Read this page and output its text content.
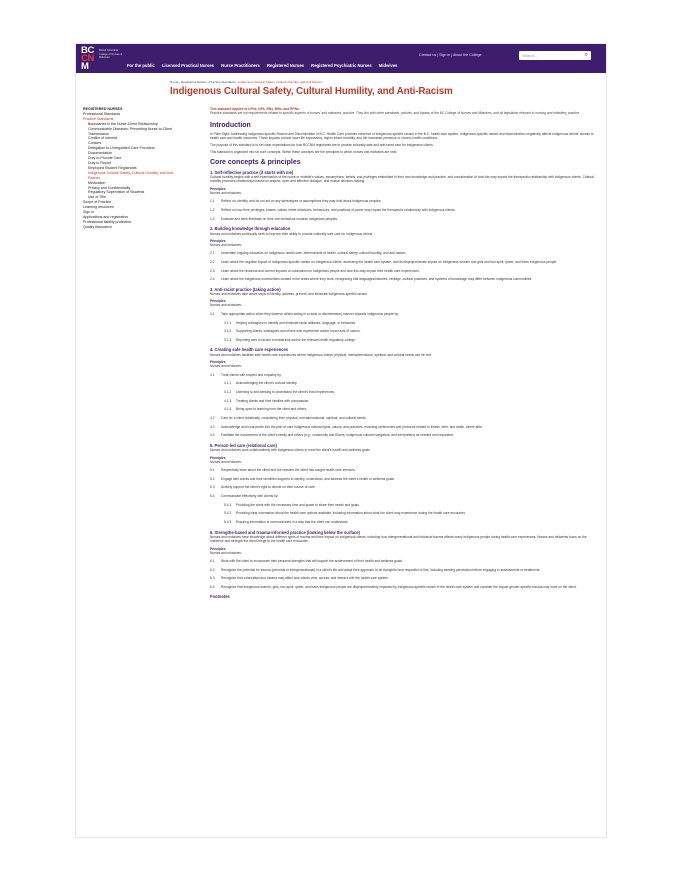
BC
CN
M
British Columbia College of Nurses & Midwives
For the public Licensed Practical Nurses Nurse Practitioners Registered Nurses Registered Psychiatric Nurses Midwives
Contact us | Sign in | About the College	Search...	⌕
Home › Registered Nurses › Practice Standards › Indigenous Cultural Safety, Cultural Humility, and Anti-Racism
Indigenous Cultural Safety, Cultural Humility, and Anti-Racism
REGISTERED NURSES
Professional Standards
Practice Standards
Boundaries in the Nurse-Client Relationship
Communicable Diseases: Preventing Nurse-to-Client
Transmission
Conflict of Interest
Consent
Delegation to Unregulated Care Providers
Documentation
Duty to Provide Care
Duty to Report
Employed Student Registrants
Indigenous Cultural Safety, Cultural Humility, and Anti-
Racism
Medication
Privacy and Confidentiality
Regulatory Supervision of Students
Use of Title
Scope of Practice
Learning resources
Sign in
Applications and registration
Professional liability protection
Quality Assurance
This standard applies to LPNs, NPs, RNs, RMs, and RPNs.
Practice standards set out requirements related to specific aspects of nurses' and midwives' practice. They link with other standards, policies, and bylaws of the BC College of Nurses and Midwives, and all legislation relevant to nursing and midwifery practice.
Introduction

In Plain Sight: Addressing Indigenous-specific Racism and Discrimination in B.C. Health Care provides evidence of Indigenous-specific racism in the B.C. health care system. Indigenous-specific racism and discrimination negatively affects Indigenous clients' access to health care and health outcomes. These impacts include lower life expectancy, higher infant mortality, and the increased presence of chronic health conditions.

The purpose of this standard is to set clear expectations for how BCCNM registrants are to provide culturally safe and anti-racist care for Indigenous clients.

This standard is organized into six core concepts. Within these concepts are the principles to which nurses and midwives are held.

Core concepts & principles
1. Self-reflective practice (it starts with me)

Cultural humility begins with a self-examination of the nurse or midwife's values, assumptions, beliefs, and privileges embedded in their own knowledge and practice, and consideration of how this may impact the therapeutic relationship with Indigenous clients. Cultural humility promotes relationships based on respect, open and effective dialogue, and mutual decision-making.

Principles
Nurses and midwives:
1.1	Reflect on, identify, and do not act on any stereotypes or assumptions they may hold about Indigenous peoples.
1.2	Reflect on how their privileges, biases, values, belief structures, behaviours, and positions of power may impact the therapeutic relationship with Indigenous clients.
1.3	Evaluate and seek feedback on their own behaviour towards Indigenous peoples.
2. Building knowledge through education

Nurses and midwives continually seek to improve their ability to provide culturally safe care for Indigenous clients.

Principles
Nurses and midwives:
2.1	Undertake ongoing education on Indigenous health care, determinants of health, cultural safety, cultural humility, and anti-racism.
2.2	Learn about the negative impact of Indigenous-specific racism on Indigenous clients' accessing the health care system, and its disproportionate impact on Indigenous women and girls and two-spirit, queer, and trans Indigenous people.
2.3	Learn about the historical and current impacts of colonialism on Indigenous people and how this may impact their health care experiences.
2.4	Learn about the Indigenous communities located in the areas where they work, recognizing that languages/histories, heritage, cultural practices, and systems of knowledge may differ between Indigenous communities.
3. Anti-racist practice (taking action)

Nurses and midwives take active steps to identify, address, prevent, and eliminate Indigenous-specific racism.

Principles
Nurses and midwives:
3.1	Take appropriate action when they observe others acting in a racist or discriminatory manner towards Indigenous people by:
3.1.1	Helping colleagues to identify and eliminate racist attitudes, language, or behaviour.
3.1.2	Supporting clients, colleagues and others who experience and/or report acts of racism.
3.1.3	Reporting acts of racism to leadership and/or the relevant health regulatory college.
4. Creating safe health care experiences

Nurses and midwives facilitate safe health care experiences where Indigenous clients' physical, mental/emotional, spiritual, and cultural needs can be met.

Principles
Nurses and midwives:
4.1	Treat clients with respect and empathy by:
4.1.1	Acknowledging the client's cultural identity.
4.1.2	Listening to and seeking to understand the client's lived experiences.
4.1.3	Treating clients and their families with compassion.
4.1.4	Being open to learning from the client and others.
4.2	Care for a client holistically, considering their physical, mental/emotional, spiritual, and cultural needs.
4.3	Acknowledge and incorporate into the plan of care Indigenous cultural rights, values, and practices, including ceremonies and protocols related to illness, birth, and death, where able.
4.4	Facilitate the involvement of the client's family and others (e.g., community and Elders, Indigenous cultural navigators, and interpreters) as needed and requested.
5. Person-led care (relational care)

Nurses and midwives work collaboratively with Indigenous clients to meet the client's health and wellness goals.

Principles
Nurses and midwives:
5.1	Respectfully learn about the client and the reasons the client has sought health care services.
5.2	Engage with clients and their identified supports to identify, understand, and address the client's health or wellness goals.
5.3	Actively support the client's right to decide on their course of care.
5.4	Communicate effectively with clients by:
5.4.1	Providing the client with the necessary time and space to share their needs and goals.
5.4.2	Providing clear information about the health care options available, including information about what the client may experience during the health care encounter.
5.4.3	Ensuring information is communicated in a way that the client can understand.
6. Strengths-based and trauma-informed practice (looking below the surface)

Nurses and midwives have knowledge about different types of trauma and their impact on Indigenous clients, including how intergenerational and historical trauma affects many Indigenous people during health care experiences. Nurses and midwives focus on the resilience and strength the client brings to the health care encounter.

Principles
Nurses and midwives:
6.1	Work with the client to incorporate their personal strengths that will support the achievement of their health and wellness goals.
6.2	Recognize the potential for trauma (personal or intergenerational) in a client's life and adapt their approach to be thoughtful and respectful of this, including seeking permission before engaging in assessments or treatments.
6.3	Recognize that colonialism and trauma may affect how clients view, access, and interact with the health care system.
6.4	Recognize that Indigenous women, girls, two-spirit, queer, and trans Indigenous people are disproportionately impacted by Indigenous-specific racism in the health care system and consider the impact gender-specific trauma may have on the client.
Footnotes
